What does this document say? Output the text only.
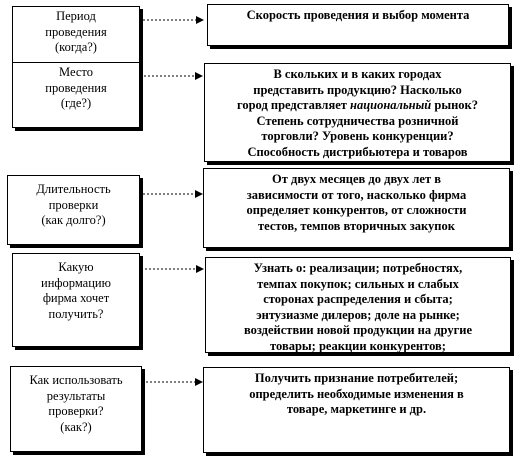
Период
проведения
(когда?)
Скорость проведения и выбор момента
Место
проведения
(где?)
В скольких и в каких городах
представить продукцию? Насколько
город представляет национальный рынок?
Степень сотрудничества розничной
торговли? Уровень конкуренции?
Способность дистрибьютера и товаров
Длительность
проверки
(как долго?)
От двух месяцев до двух лет в
зависимости от того, насколько фирма
определяет конкурентов, от сложности
тестов, темпов вторичных закупок
Какую
информацию
фирма хочет
получить?
Узнать о: реализации; потребностях,
темпах покупок; сильных и слабых
сторонах распределения и сбыта;
энтузиазме дилеров; доле на рынке;
воздействии новой продукции на другие
товары; реакции конкурентов;
Как использовать
результаты
проверки?
(как?)
Получить признание потребителей;
определить необходимые изменения в
товаре, маркетинге и др.
